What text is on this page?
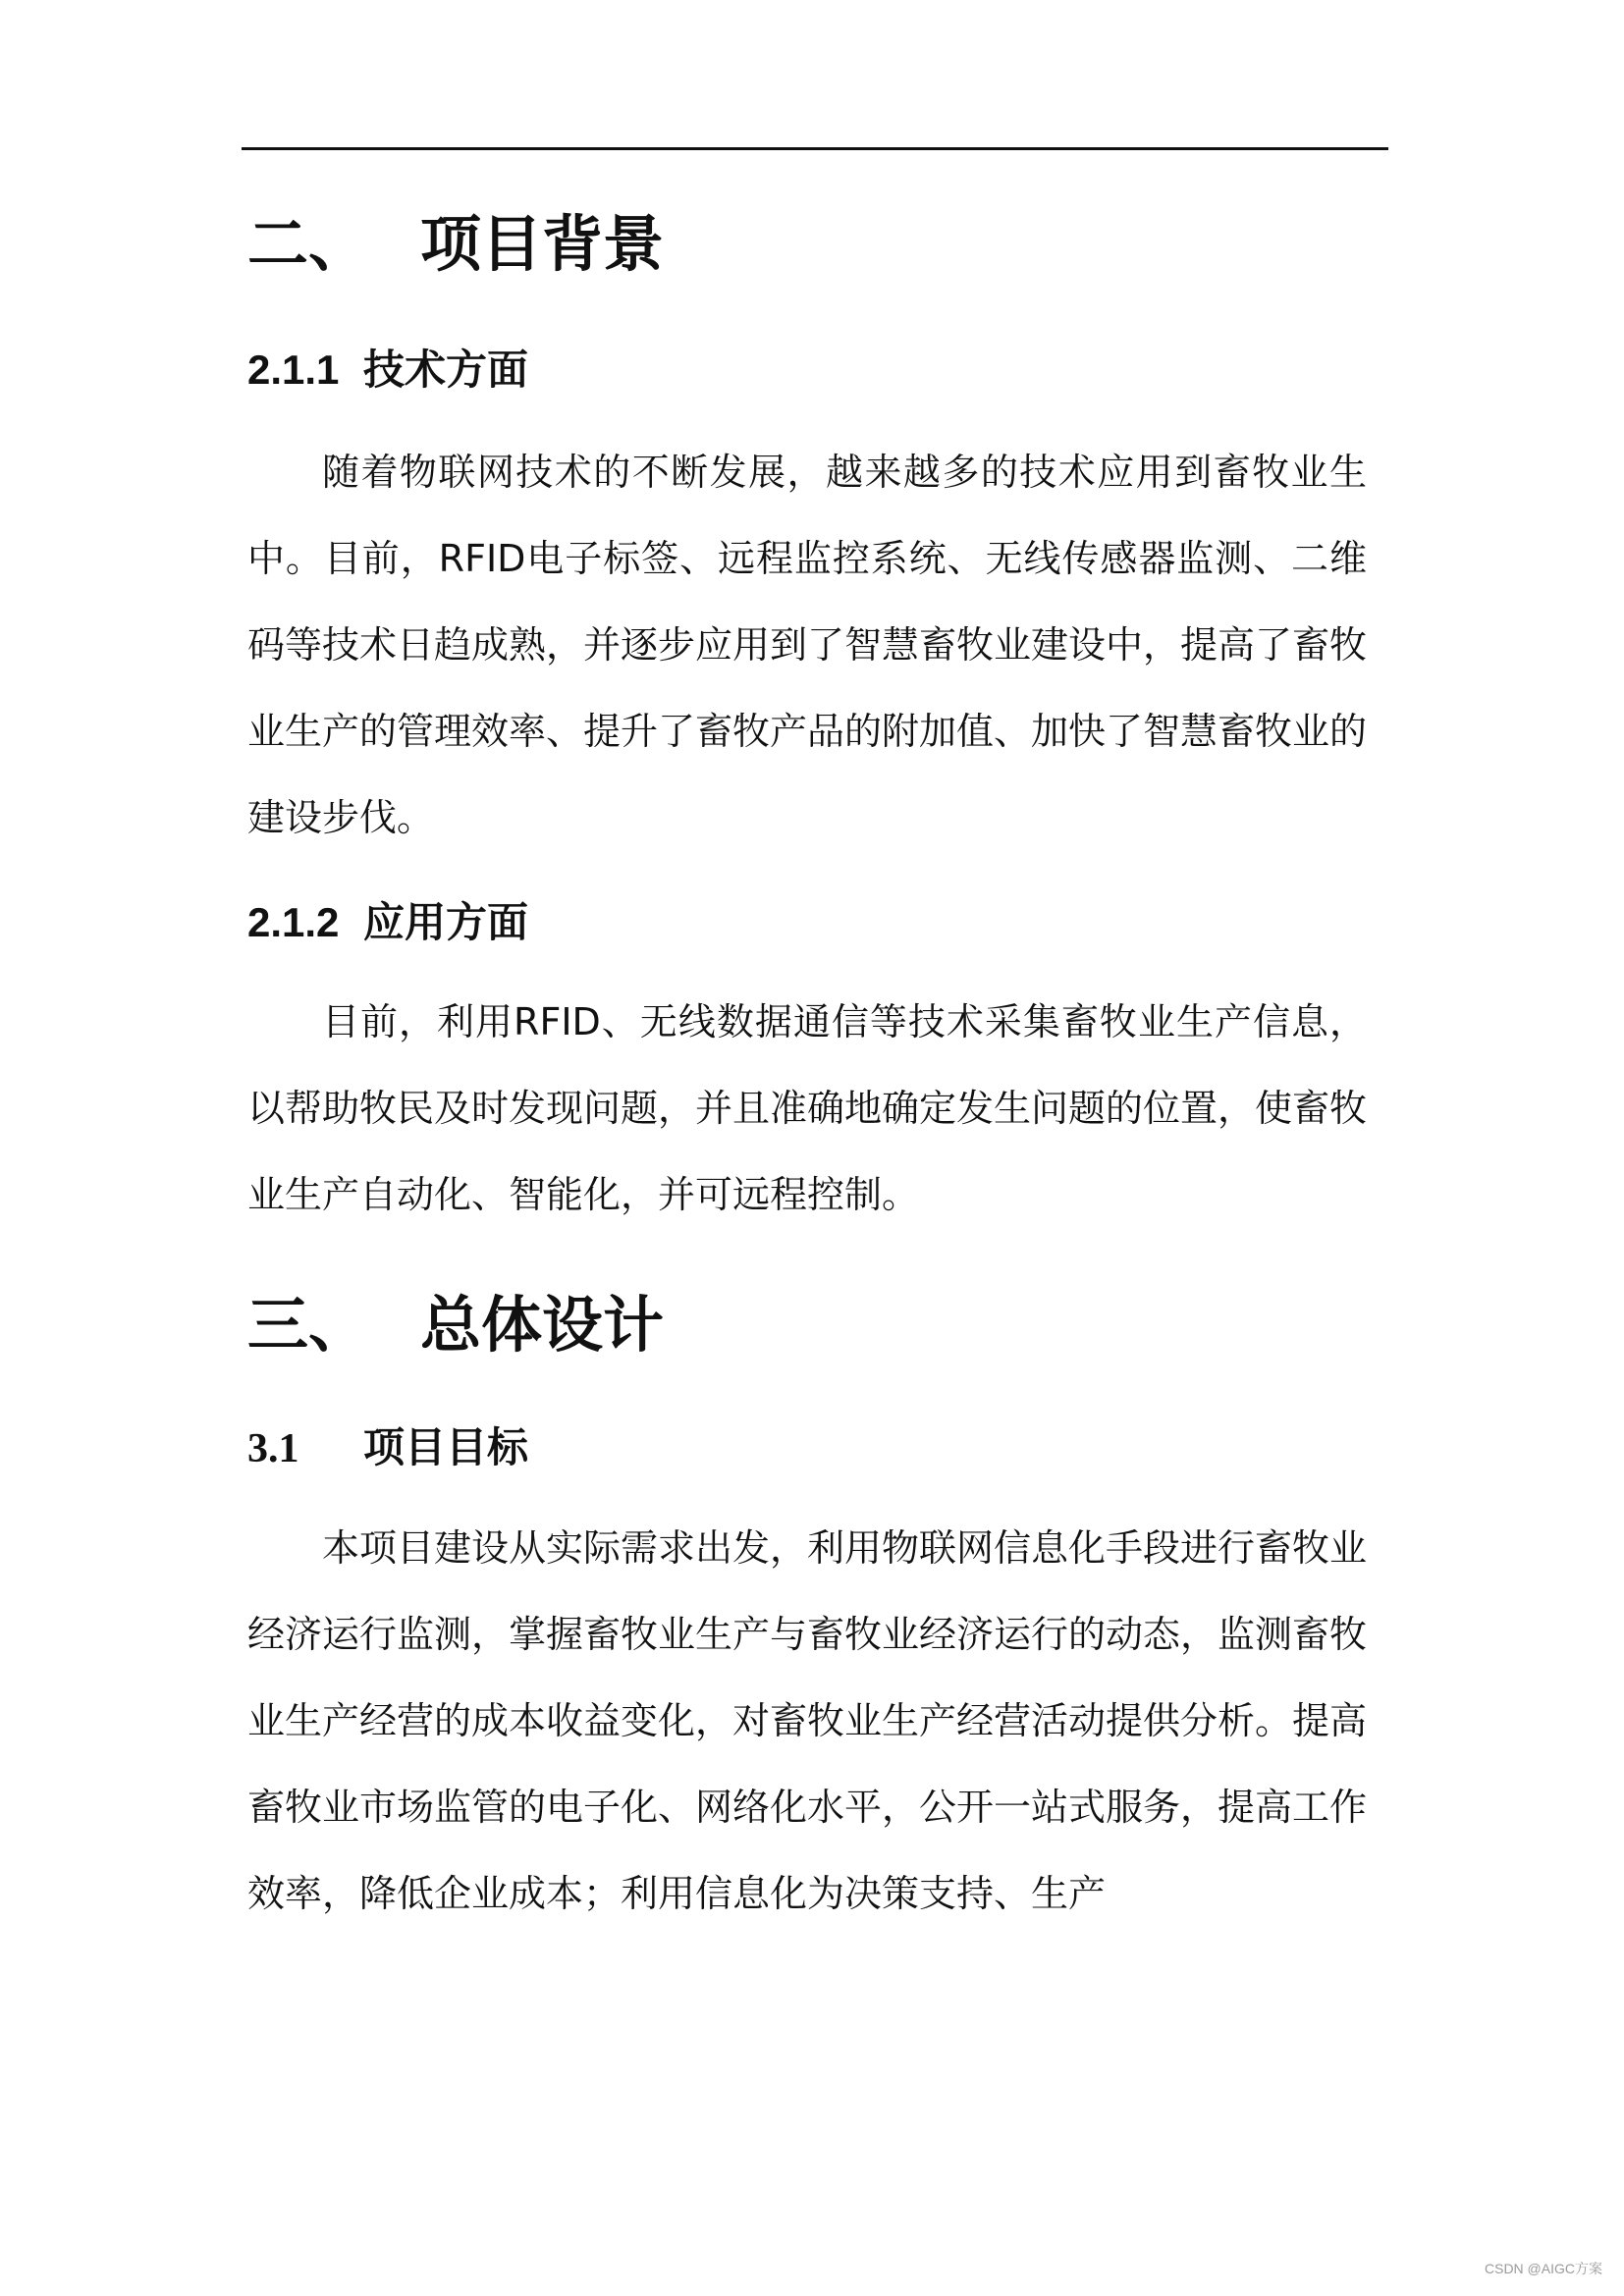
二、 项目背景
2.1.1 技术方面

随着物联网技术的不断发展，越来越多的技术应用到畜牧业生中。目前，RFID电子标签、远程监控系统、无线传感器监测、二维码等技术日趋成熟，并逐步应用到了智慧畜牧业建设中，提高了畜牧业生产的管理效率、提升了畜牧产品的附加值、加快了智慧畜牧业的建设步伐。

2.1.2 应用方面

目前，利用RFID、无线数据通信等技术采集畜牧业生产信息，以帮助牧民及时发现问题，并且准确地确定发生问题的位置，使畜牧业生产自动化、智能化，并可远程控制。

三、 总体设计
3.1	项目目标

本项目建设从实际需求出发，利用物联网信息化手段进行畜牧业经济运行监测，掌握畜牧业生产与畜牧业经济运行的动态，监测畜牧业生产经营的成本收益变化，对畜牧业生产经营活动提供分析。提高畜牧业市场监管的电子化、网络化水平，公开一站式服务，提高工作效率，降低企业成本；利用信息化为决策支持、生产

CSDN @AIGC方案
